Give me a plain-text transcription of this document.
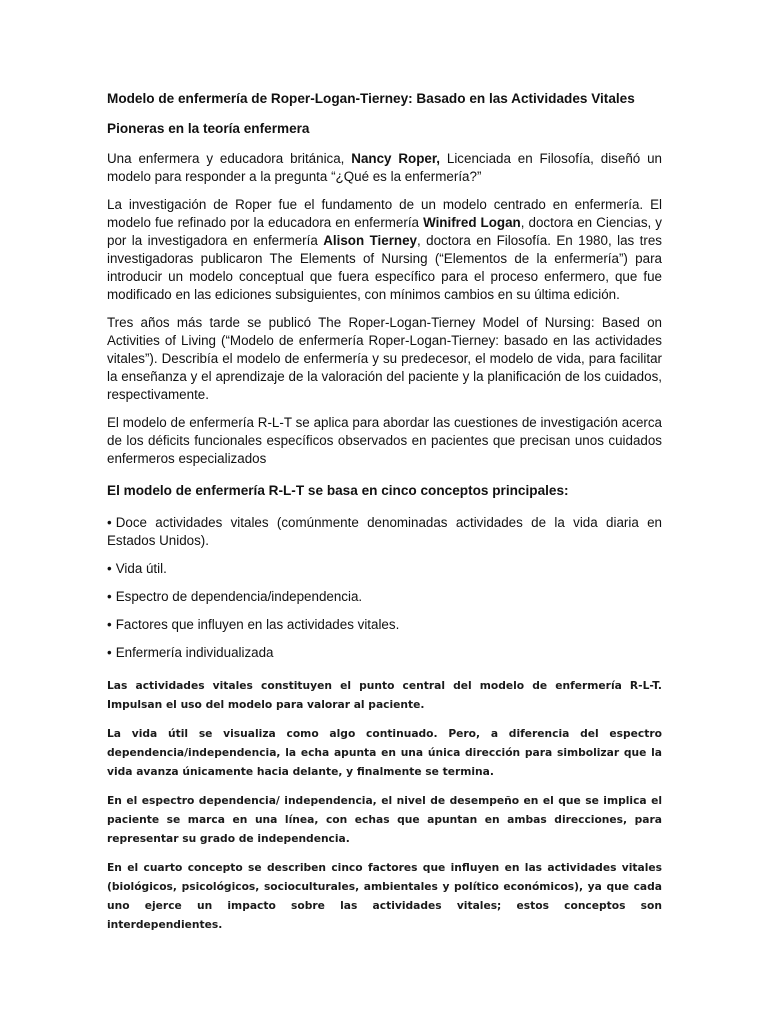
Modelo de enfermería de Roper-Logan-Tierney: Basado en las Actividades Vitales
Pioneras en la teoría enfermera

Una enfermera y educadora británica, Nancy Roper, Licenciada en Filosofía, diseñó un modelo para responder a la pregunta “¿Qué es la enfermería?”

La investigación de Roper fue el fundamento de un modelo centrado en enfermería. El modelo fue refinado por la educadora en enfermería Winifred Logan, doctora en Ciencias, y por la investigadora en enfermería Alison Tierney, doctora en Filosofía. En 1980, las tres investigadoras publicaron The Elements of Nursing (“Elementos de la enfermería”) para introducir un modelo conceptual que fuera específico para el proceso enfermero, que fue modificado en las ediciones subsiguientes, con mínimos cambios en su última edición.

Tres años más tarde se publicó The Roper-Logan-Tierney Model of Nursing: Based on Activities of Living (“Modelo de enfermería Roper-Logan-Tierney: basado en las actividades vitales”). Describía el modelo de enfermería y su predecesor, el modelo de vida, para facilitar la enseñanza y el aprendizaje de la valoración del paciente y la planificación de los cuidados, respectivamente.

El modelo de enfermería R-L-T se aplica para abordar las cuestiones de investigación acerca de los déficits funcionales específicos observados en pacientes que precisan unos cuidados enfermeros especializados

El modelo de enfermería R-L-T se basa en cinco conceptos principales:
• Doce actividades vitales (comúnmente denominadas actividades de la vida diaria en Estados Unidos).
• Vida útil.
• Espectro de dependencia/independencia.
• Factores que influyen en las actividades vitales.
• Enfermería individualizada

Las actividades vitales constituyen el punto central del modelo de enfermería R-L-T. Impulsan el uso del modelo para valorar al paciente.

La vida útil se visualiza como algo continuado. Pero, a diferencia del espectro dependencia/independencia, la echa apunta en una única dirección para simbolizar que la vida avanza únicamente hacia delante, y finalmente se termina.

En el espectro dependencia/ independencia, el nivel de desempeño en el que se implica el paciente se marca en una línea, con echas que apuntan en ambas direcciones, para representar su grado de independencia.

En el cuarto concepto se describen cinco factores que influyen en las actividades vitales (biológicos, psicológicos, socioculturales, ambientales y político económicos), ya que cada uno ejerce un impacto sobre las actividades vitales; estos conceptos son interdependientes.
